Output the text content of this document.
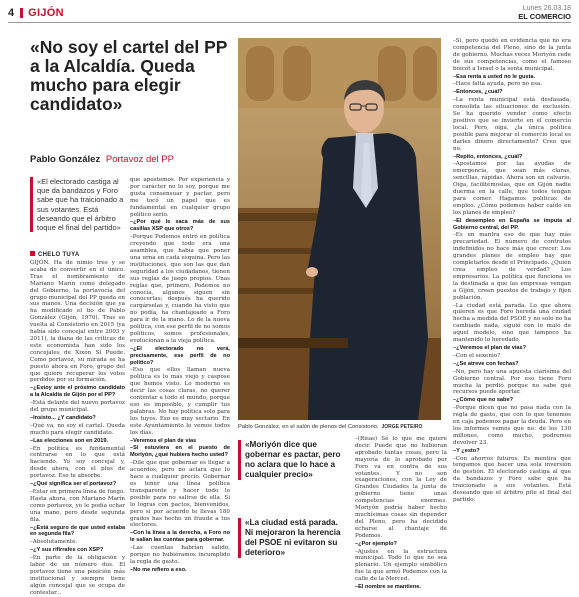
4 GIJÓN	Lunes 26.03.18
EL COMERCIO
«No soy el cartel del PP a la Alcaldía. Queda mucho para elegir candidato»
Pablo González Portavoz del PP
«El electorado castiga al que da bandazos y Foro sabe que ha traicionado a sus votantes. Está deseando que el árbitro toque el final del partido»

que apostemos. Por experiencia y por carácter no lo soy, porque me gusta consensuar y pactar, pero me tocó un papel que es fundamental en cualquier grupo político serio.

–¿Por qué le saca más de sus casillas XSP que otros?

–Porque Podemos entró en política creyendo que todo era una asamblea, que había que poner una urna en cada esquina. Pero las instituciones, que son las que dan seguridad a los ciudadanos, tienen sus reglas de juego propios. Unas reglas que, primero, Podemos no conocía, algunos siguen sin conocerlas; después ha querido cargárselas y, cuando ha visto que no podía, ha chantajeado a Foro para ir de la mano. Lo de la nueva política, con ese perfil de no somos políticos, somos profesionales, evolucionan a la vieja política.

–¿El electorado no verá, precisamente, ese perfil de no político?

–Eso que ellos llaman nueva política es lo más viejo y caspose que hemos visto. Lo moderno es decir las cosas claras, no querer contentar a todo el mundo, porque eso es imposible, y cumplir tus palabras. No hay política solo para los tuyos. Eso es muy sectario. En este Ayuntamiento lo vemos todos los días.

–Veremos el plan de vías

–Si estuviera en el puesto de Moriyón, ¿qué hubiera hecho usted?

–Dile que que gobernar es llegar a acuerdos, pero no aclara que lo hace a cualquier precio. Gobernar es tener una línea política transparente y hacer todo lo posible para no salirse de ella. Si lo logras con pactos, bienvenidos, pero si por acuerdo te llevas 180 grados has hecho un fraude a tus electores.

–Con la línea a la derecha, a Foro no le salían las cuentas para gobernar.

–Las cuentas habrían salido, porque no hubiéramos incumplido la regla de gasto.

–No me refiero a eso.

CHELO TUYA

GIJÓN. Ha de nimio tres y se acaba de convertir en el único. Tras el nombramiento de Mariano Marín como delegado del Gobierno, la portavocía del grupo municipal del PP queda en sus manos. Una decisión que ya ha modificado el tío de Pablo González (Gijón, 1970). Tras su vuelta al Consistorio en 2015 (ya había sido concejal entre 2003 y 2011), la diana de las críticas de este economista han sido los concejales de Xixón Sí Puede. Como portavoz, su mirada se ha puesto ahora en Foro, grupo del que quiere recuperar los votos perdidos por su formación.

–¿Estoy ante el próximo candidato a la Alcaldía de Gijón por el PP?

–Está delante del nuevo portavoz del grupo municipal.

–Insisto... ¿Y candidato?

–Qué va, no soy el cartel. Queda mucho para elegir candidato.

–Las elecciones son en 2019.

–En política es fundamental centrarse en lo que está haciendo. Yo soy concejal y, desde ahora, con el plus de portavoz. Eso te absorbe.

–¿Qué significa ser el portavoz?

–Estar en primera línea de fuego. Hasta ahora, con Mariano Marín como portavoz, yo le podía echar una mano, pero desde segunda fila.

–¿Está seguro de que usted estaba en segunda fila?

–Absolutamente.

–¿Y sus rifirrafes con XSP?

–En parte de la obligación y labor de un número dos. El portavoz tiene una posición más institucional y siempre tiene algún concejal que se ocupa de contestar...

Pablo González, en el salón de plenos del Consistorio. JORGE PETEIRO
«Moriyón dice que gobernar es pactar, pero no aclara que lo hace a cualquier precio»
«La ciudad está parada. Ni mejoraron la herencia del PSOE ni evitaron su deterioro»

–(Risas) Sé lo que me quiere decir. Puede que no hubieran aprobado tantas cosas, pero la mayoría de lo aprobado por Foro va en contra de sus votantes. Y no son exageraciones, con la Ley de Grandes Ciudades la junta de gobierno tiene unas competencias enormes. Moriyón podría haber hecho muchísimas cosas sin depender del Pleno, pero ha decidido echarse al chantaje de Podemos.

–¿Por ejemplo?

–Ajustes en la estructura municipal. Todo lo que no sea plenario. Un ejemplo simbólico fue la que armó Podemos con la calle de la Merced.

–El nombre se mantiene.

–Sí, pero quedó en evidencia que no era competencia del Pleno, sino de la junta de gobierno. Muchas veces Moriyón cede de sus competencias, como el famoso boicot a Israel o la senta municipal.

–Esa renta a usted no le gusta.

–Hace falta ayuda, pero no esa.

–Entonces, ¿cuál?

–La renta municipal está desfasada, consolida las situaciones de exclusión. Se ha querido vender como efecto positivo que se invierte en el comercio local. Pero, oiga, ¿la única política posible para mejorar el comercio local es darles dinero directamente? Creo que no.

–Repito, entonces, ¿cuál?

–Apostamos por las ayudas de emergencia, que sean más claras, sencillas, rápidas. Ahora son un calvario. Oiga, facilitémoslas, que en Gijón nadie duerma en la calle, que todos tengan para comer. Hagamos políticas de empleo. ¿Cómo podemos haber caído en los planes de empleo?

–El desempleo en España se imputa al Gobierno central, del PP.

–Es un mantra eso de que hay más precariedad. El número de contratos indefinidos no hace más que crecer. Los grandes planes de empleo hay que completarlos desde el Principado. ¿Quién crea empleo de verdad? Los empresarios. La política que funciona es la destinada a que las empresas vengan a Gijón, creen puestos de trabajo y fijen población.

–La ciudad está parada. Lo que ahora quieren es que Foro hereda una ciudad hecha a medida del PSOE y no solo no ha cambiado nada, siguió con lo malo de aquel modelo, sino que tampoco ha mantenido lo heredado.

–¿Veremos el plan de vías?

–Con el sexenio?

–¿Se atreve con fechas?

–No, pero hay una apuesta clarísima del Gobierno central. Por eso tiene Foro mucha la perdió porque no sabe qué recursos puede aportar.

–¿Cómo que no sabe?

–Porque dicen que no pasa nada con la regla de gasto, que con lo que tenemos en caja podemos pagar la deuda. Pero en los informes vemos que no: de los 130 millones, como mucho, podremos devolver 23.

–Y ¿esto?

–Con ahorros futuros. Es mentira que tengamos que hacer una sola inversión de gestión. El electorado castiga al que da bandazos y Foro sabe que ha traicionado a sus votantes. Está deseando que el árbitro pite el final del partido.
